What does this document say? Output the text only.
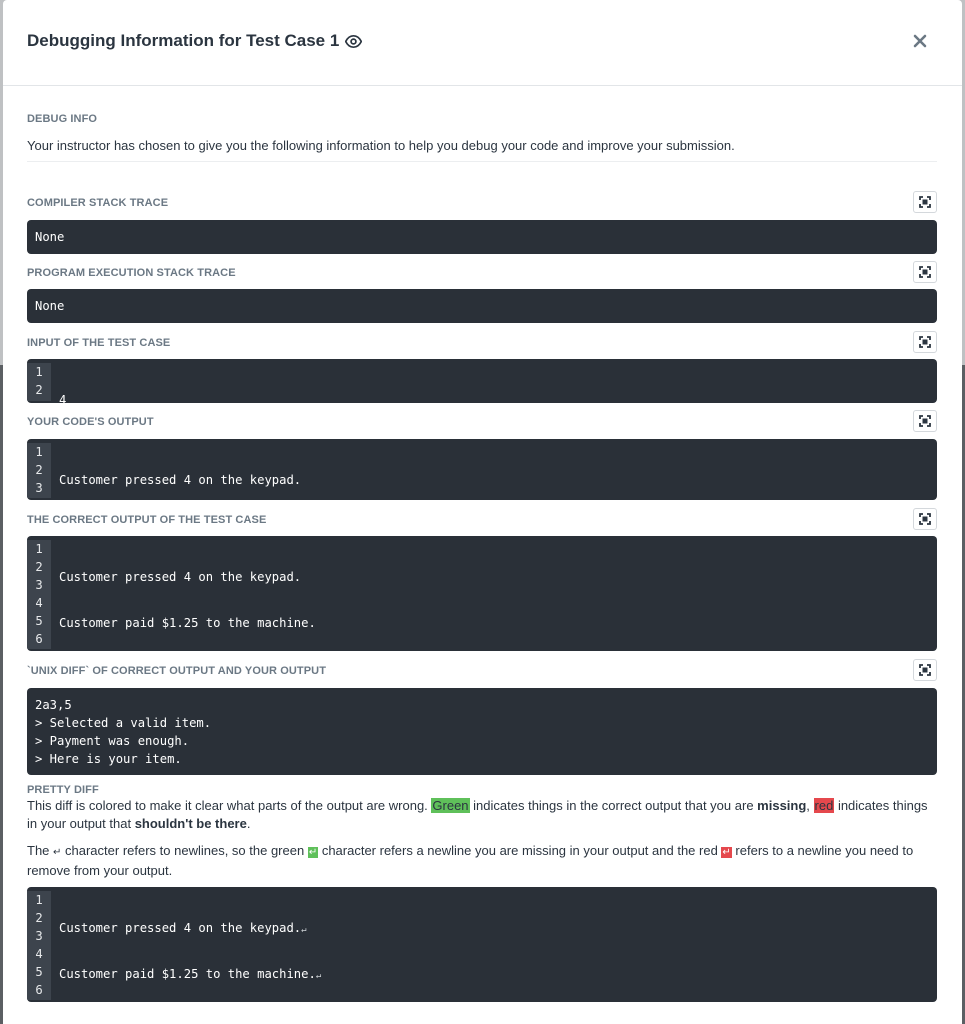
Debugging Information for Test Case 1
DEBUG INFO
Your instructor has chosen to give you the following information to help you debug your code and improve your submission.
COMPILER STACK TRACE
None
PROGRAM EXECUTION STACK TRACE
None
INPUT OF THE TEST CASE
1
2

4

YOUR CODE'S OUTPUT
1
2
3

Customer pressed 4 on the keypad.

THE CORRECT OUTPUT OF THE TEST CASE
1
2
3
4
5
6

Customer pressed 4 on the keypad.

Customer paid $1.25 to the machine.

`UNIX DIFF` OF CORRECT OUTPUT AND YOUR OUTPUT
2a3,5
> Selected a valid item.
> Payment was enough.
> Here is your item.
PRETTY DIFF
This diff is colored to make it clear what parts of the output are wrong. Green indicates things in the correct output that you are missing, red indicates things in your output that shouldn't be there.
The ↵ character refers to newlines, so the green ↵ character refers a newline you are missing in your output and the red ↵ refers to a newline you need to remove from your output.
1
2
3
4
5
6

Customer pressed 4 on the keypad.↵

Customer paid $1.25 to the machine.↵
